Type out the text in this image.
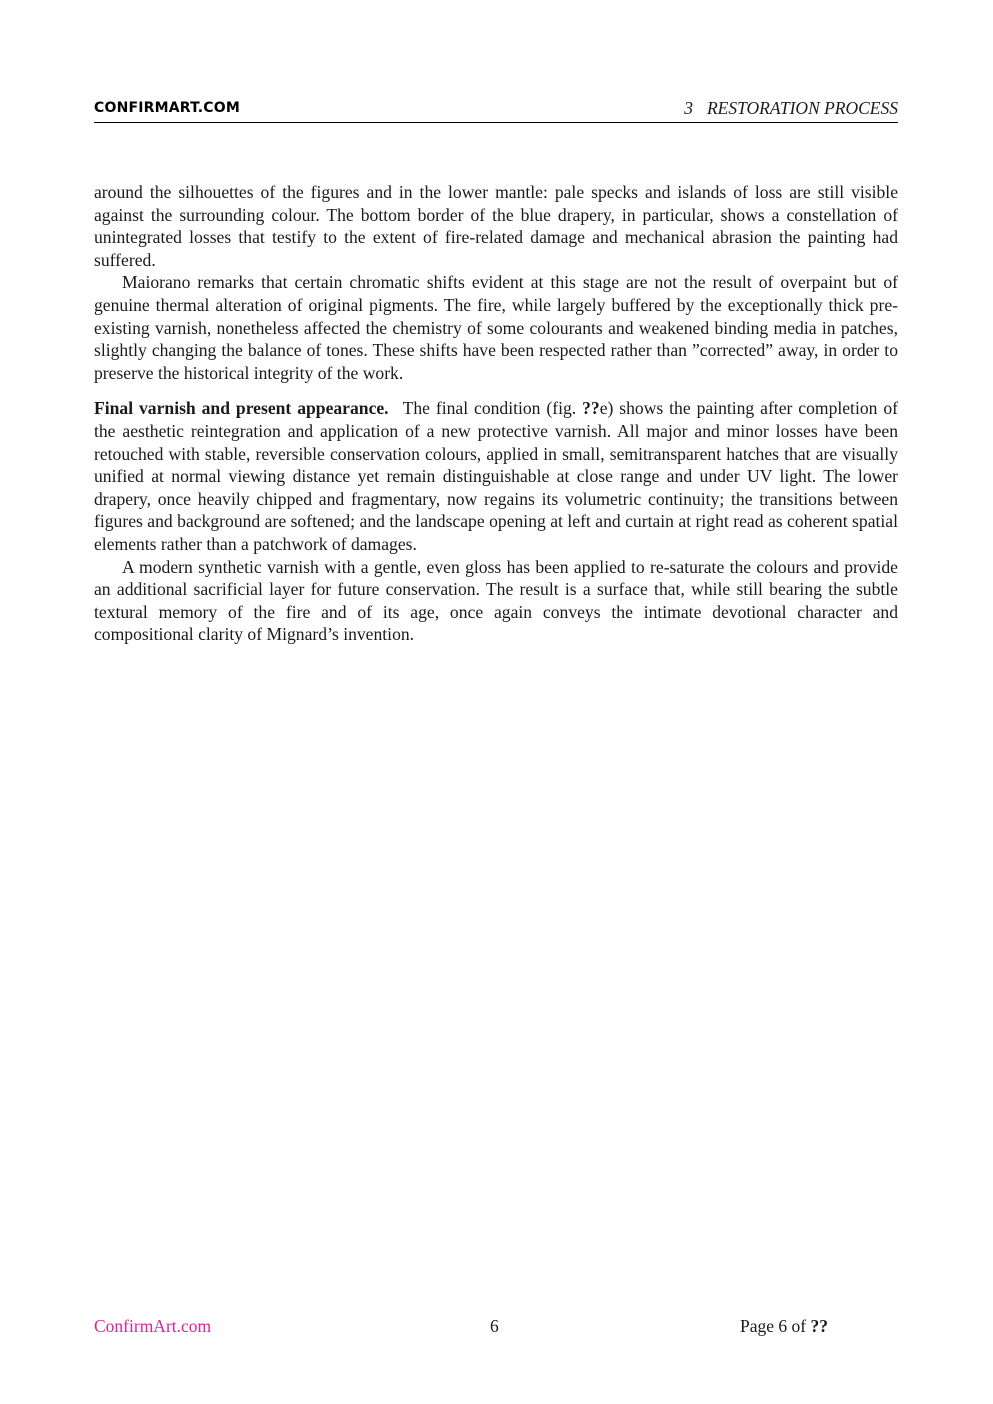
CONFIRMART.COM	3 RESTORATION PROCESS

around the silhouettes of the figures and in the lower mantle: pale specks and islands of loss are still visible against the surrounding colour. The bottom border of the blue drapery, in particular, shows a constellation of unintegrated losses that testify to the extent of fire-related damage and mechanical abrasion the painting had suffered.

Maiorano remarks that certain chromatic shifts evident at this stage are not the result of overpaint but of genuine thermal alteration of original pigments. The fire, while largely buffered by the exceptionally thick pre-existing varnish, nonetheless affected the chemistry of some colourants and weakened binding media in patches, slightly changing the balance of tones. These shifts have been respected rather than ”corrected” away, in order to preserve the historical integrity of the work.

Final varnish and present appearance. The final condition (fig. ??e) shows the painting after completion of the aesthetic reintegration and application of a new protective varnish. All major and minor losses have been retouched with stable, reversible conservation colours, applied in small, semitransparent hatches that are visually unified at normal viewing distance yet remain distinguishable at close range and under UV light. The lower drapery, once heavily chipped and fragmentary, now regains its volumetric continuity; the transitions between figures and background are softened; and the landscape opening at left and curtain at right read as coherent spatial elements rather than a patchwork of damages.

A modern synthetic varnish with a gentle, even gloss has been applied to re-saturate the colours and provide an additional sacrificial layer for future conservation. The result is a surface that, while still bearing the subtle textural memory of the fire and of its age, once again conveys the intimate devotional character and compositional clarity of Mignard’s invention.

ConfirmArt.com	6	Page 6 of ??
